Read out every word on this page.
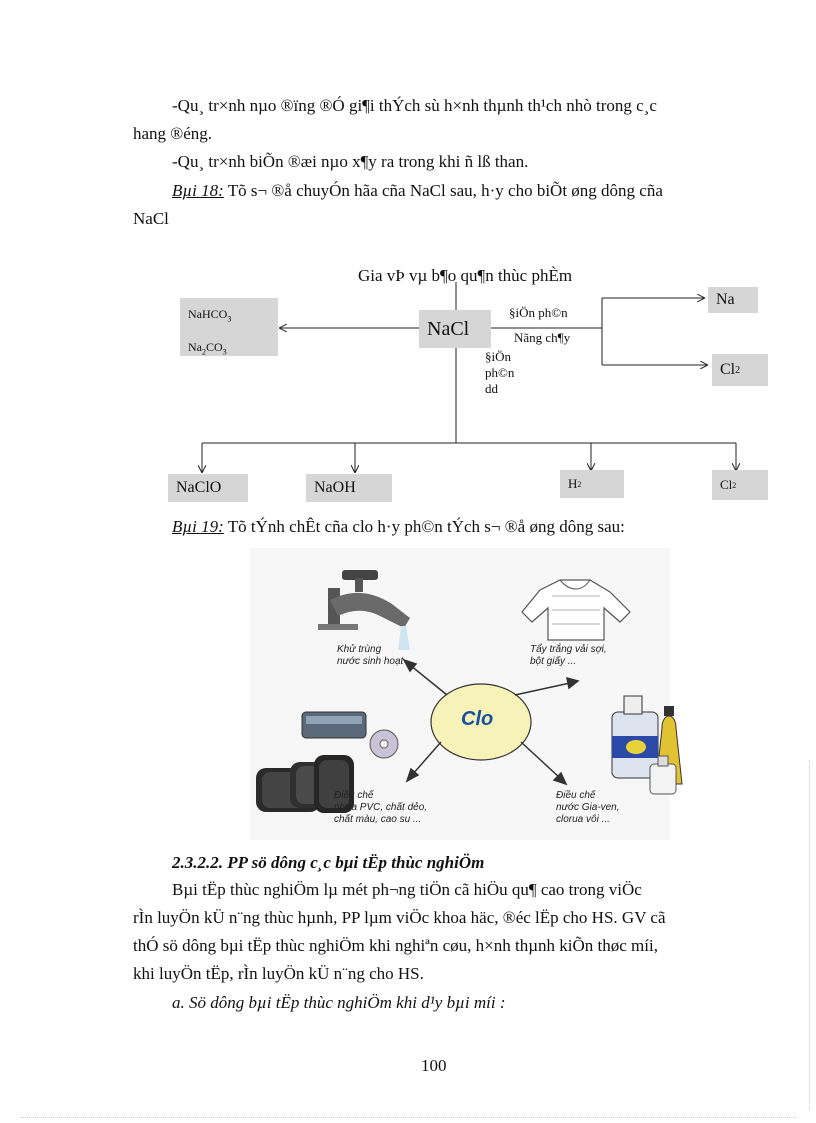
-Qu¸ tr×nh nµo ®ïng ®Ó gi¶i thÝch sù h×nh thµnh th¹ch nhò trong c¸c
hang ®éng.
-Qu¸ tr×nh biÕn ®æi nµo x¶y ra trong khi ñ lß than.
Bµi 18: Tõ s¬ ®å chuyÓn hãa cña NaCl sau, h·y cho biÕt øng dông cña
NaCl
Gia vÞ vµ b¶o qu¶n thùc phÈm
NaHCO$_3$
$Na_2CO_3$
NaCl
§iÖn ph©n
Nãng ch¶y
§iÖn
ph©n
dd
Na
Cl 2
NaClO	NaOH	H 2	Cl 2
Bµi 19: Tõ tÝnh chÊt cña clo h·y ph©n tÝch s¬ ®å øng dông sau:
Clo
Khử trùng
nước sinh hoạt
Tẩy trắng vải sợi,
bột giấy ...
Điều chế
nhựa PVC, chất dẻo,
chất màu, cao su ...
Điều chế
nước Gia-ven,
clorua vôi ...
2.3.2.2. PP sö dông c¸c bµi tËp thùc nghiÖm
Bµi tËp thùc nghiÖm lµ mét ph¬ng tiÖn cã hiÖu qu¶ cao trong viÖc
rÌn luyÖn kÜ n¨ng thùc hµnh, PP lµm viÖc khoa häc, ®éc lËp cho HS. GV cã
thÓ sö dông bµi tËp thùc nghiÖm khi nghiªn cøu, h×nh thµnh kiÕn thøc míi,
khi luyÖn tËp, rÌn luyÖn kÜ n¨ng cho HS.
a. Sö dông bµi tËp thùc nghiÖm khi d¹y bµi míi :
100
